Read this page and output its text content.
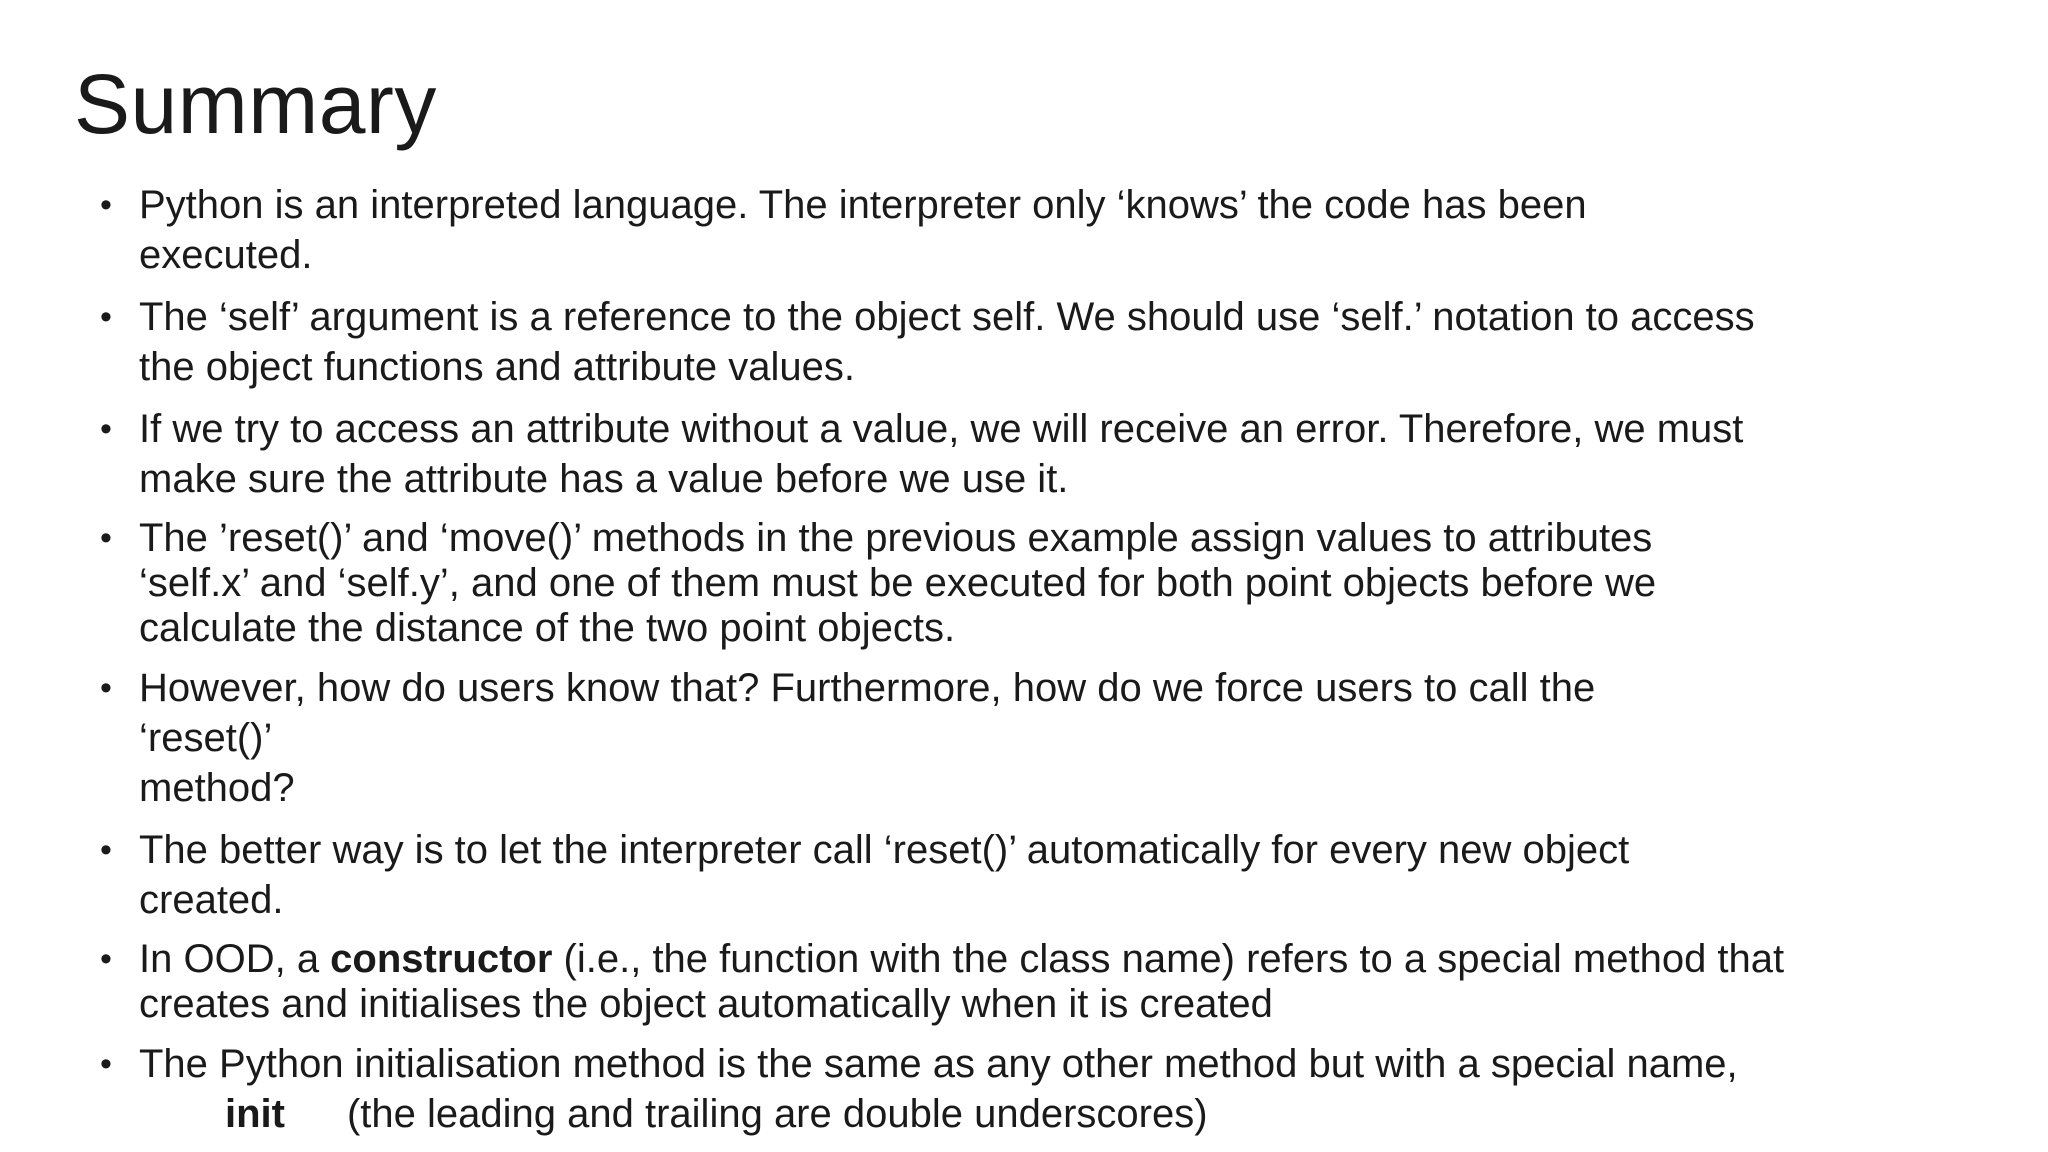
Summary
• Python is an interpreted language. The interpreter only ‘knows’ the code has been
executed.
• The ‘self’ argument is a reference to the object self. We should use ‘self.’ notation to access
the object functions and attribute values.
• If we try to access an attribute without a value, we will receive an error. Therefore, we must
make sure the attribute has a value before we use it.
• The ’reset()’ and ‘move()’ methods in the previous example assign values to attributes
‘self.x’ and ‘self.y’, and one of them must be executed for both point objects before we
calculate the distance of the two point objects.
• However, how do users know that? Furthermore, how do we force users to call the
‘reset()’
method?
• The better way is to let the interpreter call ‘reset()’ automatically for every new object
created.
• In OOD, a constructor (i.e., the function with the class name) refers to a special method that
creates and initialises the object automatically when it is created
• The Python initialisation method is the same as any other method but with a special name,
init (the leading and trailing are double underscores)
